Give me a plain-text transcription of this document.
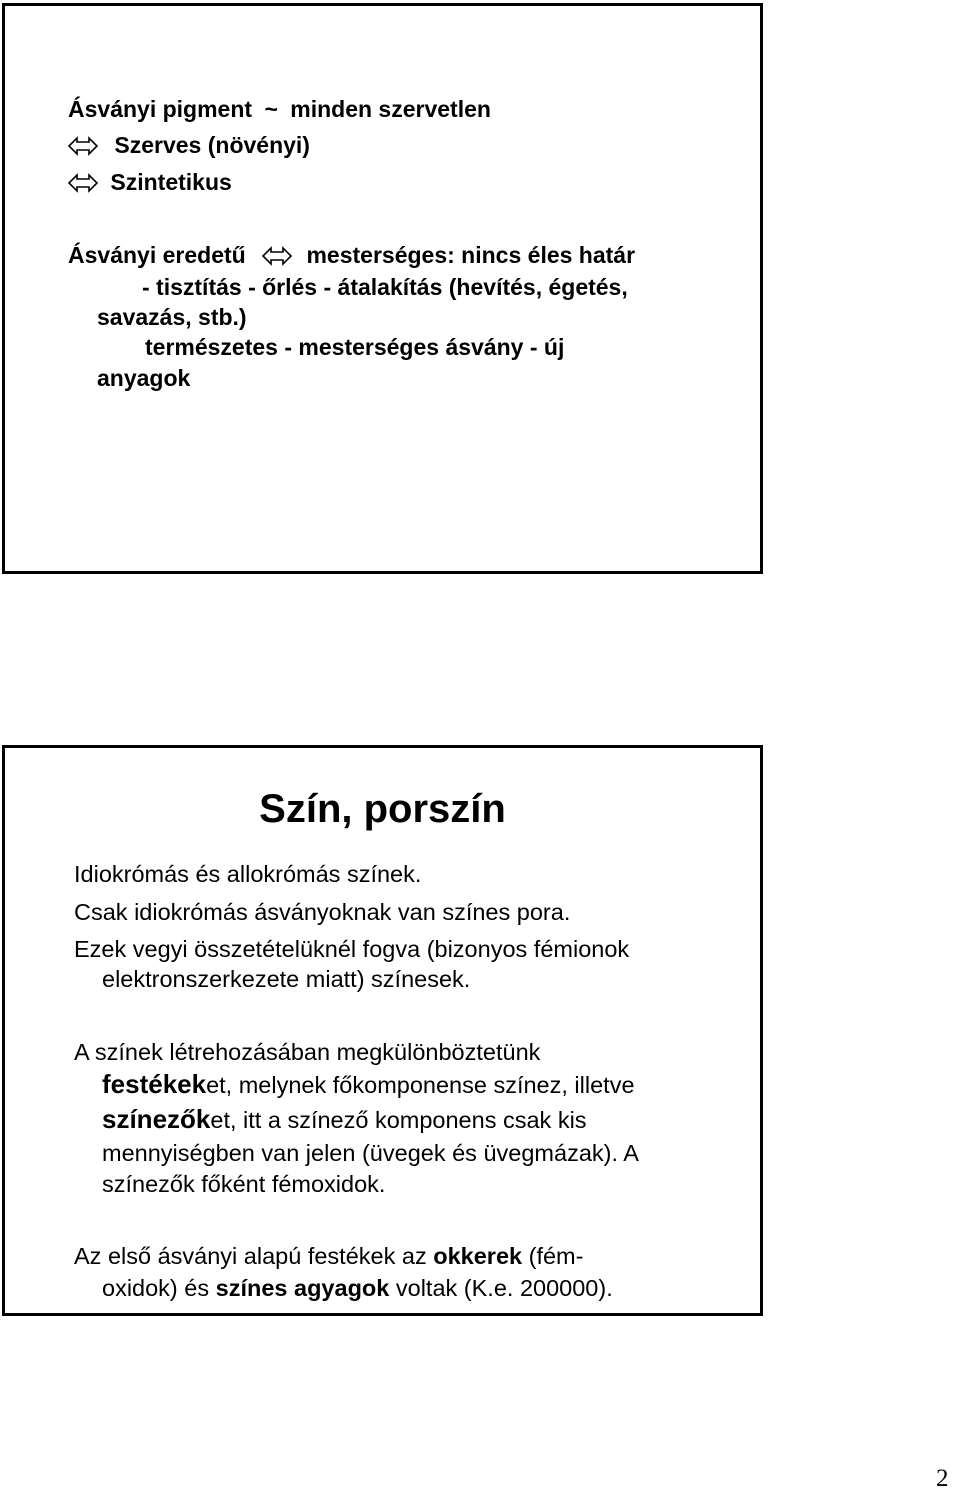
Ásványi pigment ~ minden szervetlen
Szerves (növényi)
Szintetikus
Ásványi eredetű	mesterséges: nincs éles határ
- tisztítás - őrlés - átalakítás (hevítés, égetés,
savazás, stb.)
természetes - mesterséges ásvány - új
anyagok
Szín, porszín
Idiokrómás és allokrómás színek.
Csak idiokrómás ásványoknak van színes pora.
Ezek vegyi összetételüknél fogva (bizonyos fémionok
elektronszerkezete miatt) színesek.
A színek létrehozásában megkülönböztetünk
festékeket, melynek főkomponense színez, illetve
színezőket, itt a színező komponens csak kis
mennyiségben van jelen (üvegek és üvegmázak). A
színezők főként fémoxidok.
Az első ásványi alapú festékek az okkerek (fém-
oxidok) és színes agyagok voltak (K.e. 200000).
2
